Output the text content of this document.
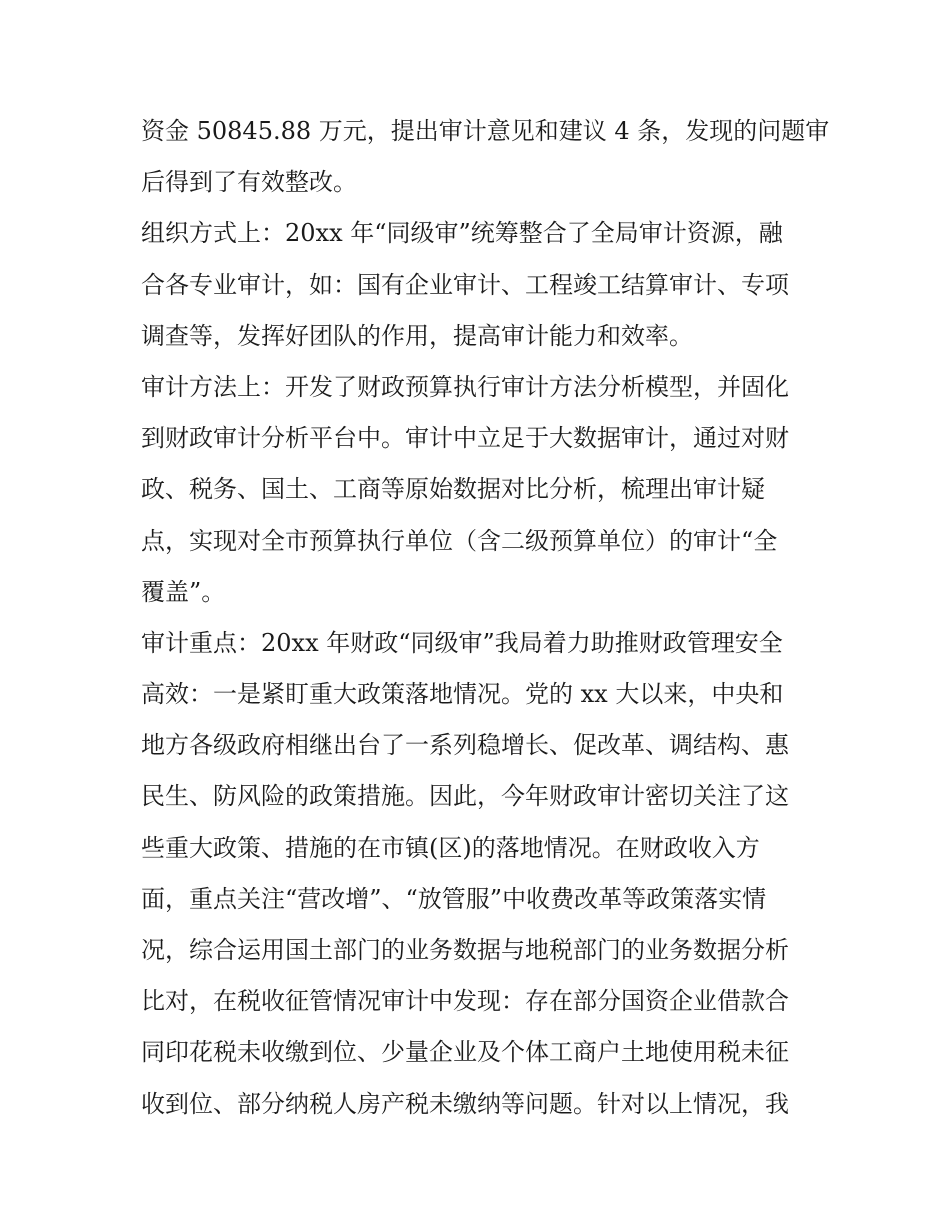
资金 50845.88 万元，提出审计意见和建议 4 条，发现的问题审
后得到了有效整改。
组织方式上：20xx 年“同级审”统筹整合了全局审计资源，融
合各专业审计，如：国有企业审计、工程竣工结算审计、专项
调查等，发挥好团队的作用，提高审计能力和效率。
审计方法上：开发了财政预算执行审计方法分析模型，并固化
到财政审计分析平台中。审计中立足于大数据审计，通过对财
政、税务、国土、工商等原始数据对比分析，梳理出审计疑
点，实现对全市预算执行单位（含二级预算单位）的审计“全
覆盖”。
审计重点：20xx 年财政“同级审”我局着力助推财政管理安全
高效：一是紧盯重大政策落地情况。党的 xx 大以来，中央和
地方各级政府相继出台了一系列稳增长、促改革、调结构、惠
民生、防风险的政策措施。因此，今年财政审计密切关注了这
些重大政策、措施的在市镇(区)的落地情况。在财政收入方
面，重点关注“营改增”、“放管服”中收费改革等政策落实情
况，综合运用国土部门的业务数据与地税部门的业务数据分析
比对，在税收征管情况审计中发现：存在部分国资企业借款合
同印花税未收缴到位、少量企业及个体工商户土地使用税未征
收到位、部分纳税人房产税未缴纳等问题。针对以上情况，我
